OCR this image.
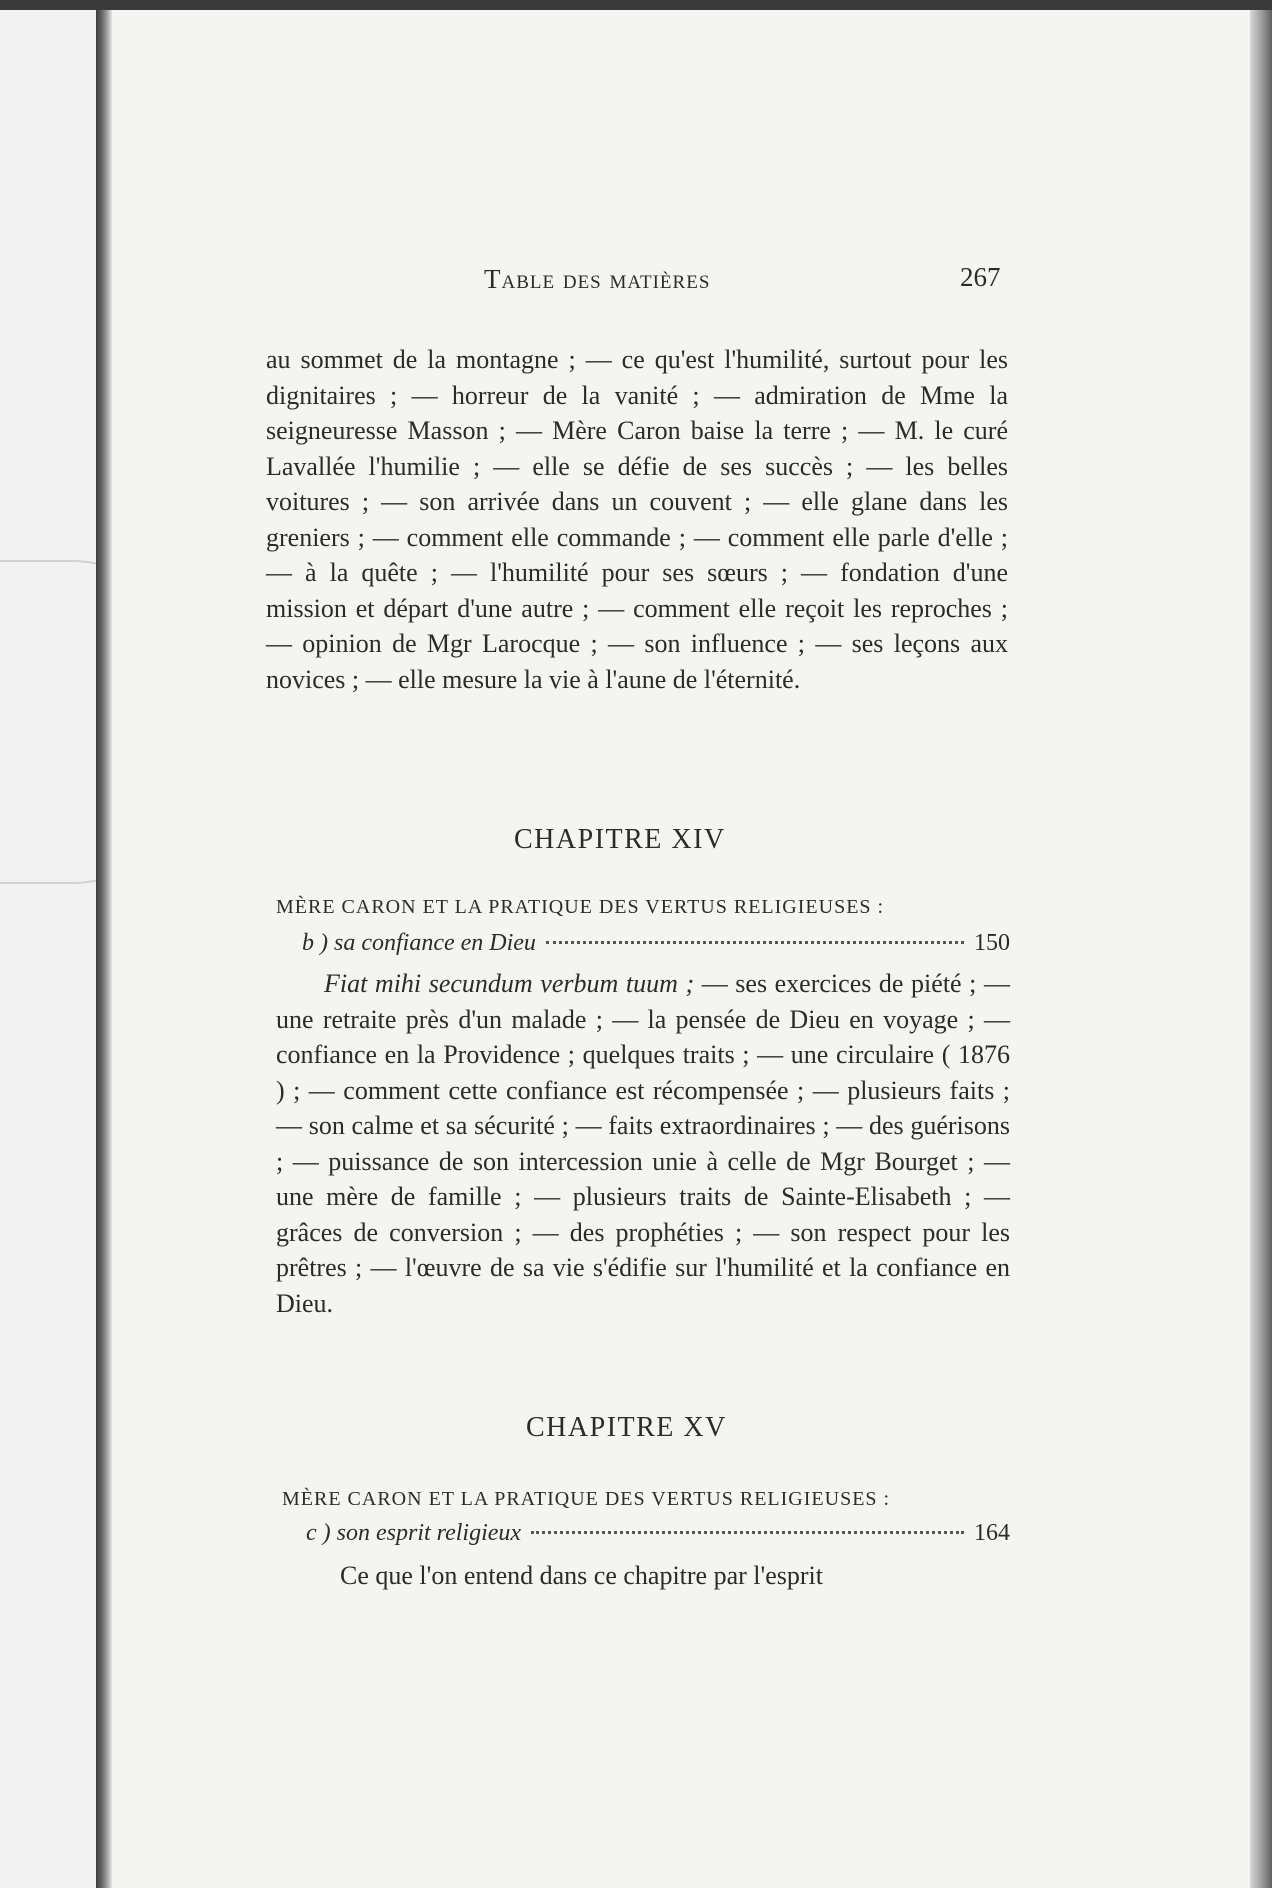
Table des matières	267
au sommet de la montagne ; — ce qu'est l'humilité, surtout pour les dignitaires ; — horreur de la vanité ; — admiration de Mme la seigneuresse Masson ; — Mère Caron baise la terre ; — M. le curé Lavallée l'humilie ; — elle se défie de ses succès ; — les belles voitures ; — son arrivée dans un couvent ; — elle glane dans les greniers ; — comment elle commande ; — comment elle parle d'elle ; — à la quête ; — l'humilité pour ses sœurs ; — fondation d'une mission et départ d'une autre ; — comment elle reçoit les reproches ; — opinion de Mgr Larocque ; — son influence ; — ses leçons aux novices ; — elle mesure la vie à l'aune de l'éternité.
CHAPITRE XIV
MÈRE CARON ET LA PRATIQUE DES VERTUS RELIGIEUSES :
b ) sa confiance en Dieu	150
Fiat mihi secundum verbum tuum ; — ses exercices de piété ; — une retraite près d'un malade ; — la pensée de Dieu en voyage ; — confiance en la Providence ; quelques traits ; — une circulaire ( 1876 ) ; — comment cette confiance est récompensée ; — plusieurs faits ; — son calme et sa sécurité ; — faits extraordinaires ; — des guérisons ; — puissance de son intercession unie à celle de Mgr Bourget ; — une mère de famille ; — plusieurs traits de Sainte-Elisabeth ; — grâces de conversion ; — des prophéties ; — son respect pour les prêtres ; — l'œuvre de sa vie s'édifie sur l'humilité et la confiance en Dieu.
CHAPITRE XV
MÈRE CARON ET LA PRATIQUE DES VERTUS RELIGIEUSES :
c ) son esprit religieux	164
Ce que l'on entend dans ce chapitre par l'esprit
